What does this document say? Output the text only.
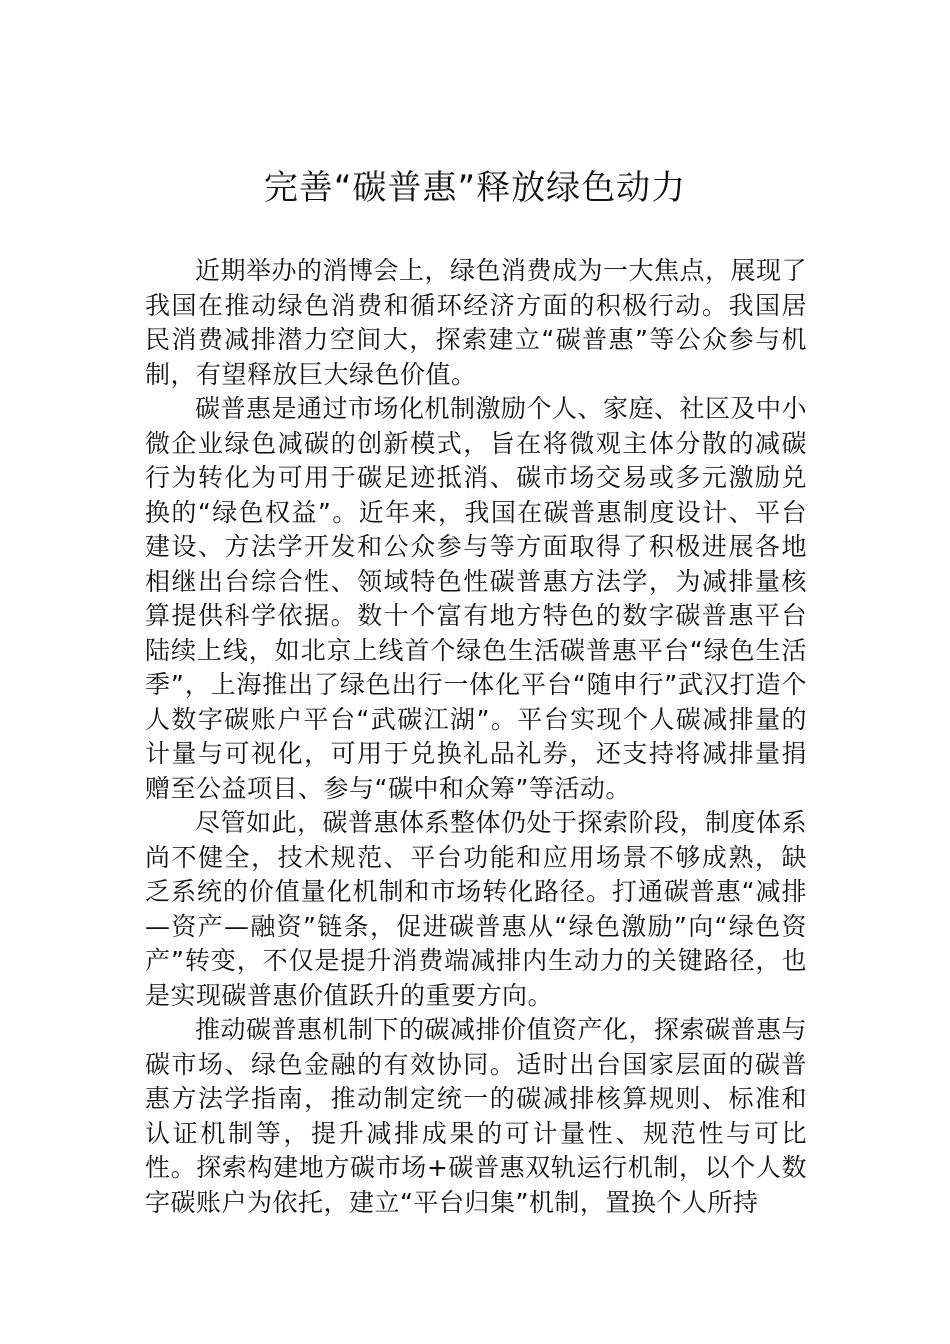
完善“碳普惠”释放绿色动力

近期举办的消博会上，绿色消费成为一大焦点，展现了我国在推动绿色消费和循环经济方面的积极行动。我国居民消费减排潜力空间大，探索建立“碳普惠”等公众参与机制，有望释放巨大绿色价值。

碳普惠是通过市场化机制激励个人、家庭、社区及中小微企业绿色减碳的创新模式，旨在将微观主体分散的减碳行为转化为可用于碳足迹抵消、碳市场交易或多元激励兑换的“绿色权益”。近年来，我国在碳普惠制度设计、平台建设、方法学开发和公众参与等方面取得了积极进展各地相继出台综合性、领域特色性碳普惠方法学，为减排量核算提供科学依据。数十个富有地方特色的数字碳普惠平台陆续上线，如北京上线首个绿色生活碳普惠平台“绿色生活季”，上海推出了绿色出行一体化平台“随申行”武汉打造个人数字碳账户平台“武碳江湖”。平台实现个人碳减排量的计量与可视化，可用于兑换礼品礼券，还支持将减排量捐赠至公益项目、参与“碳中和众筹”等活动。

尽管如此，碳普惠体系整体仍处于探索阶段，制度体系尚不健全，技术规范、平台功能和应用场景不够成熟，缺乏系统的价值量化机制和市场转化路径。打通碳普惠“减排—资产—融资”链条，促进碳普惠从“绿色激励”向“绿色资产”转变，不仅是提升消费端减排内生动力的关键路径，也是实现碳普惠价值跃升的重要方向。

推动碳普惠机制下的碳减排价值资产化，探索碳普惠与碳市场、绿色金融的有效协同。适时出台国家层面的碳普惠方法学指南，推动制定统一的碳减排核算规则、标准和认证机制等，提升减排成果的可计量性、规范性与可比性。探索构建地方碳市场+碳普惠双轨运行机制，以个人数字碳账户为依托，建立“平台归集”机制，置换个人所持
